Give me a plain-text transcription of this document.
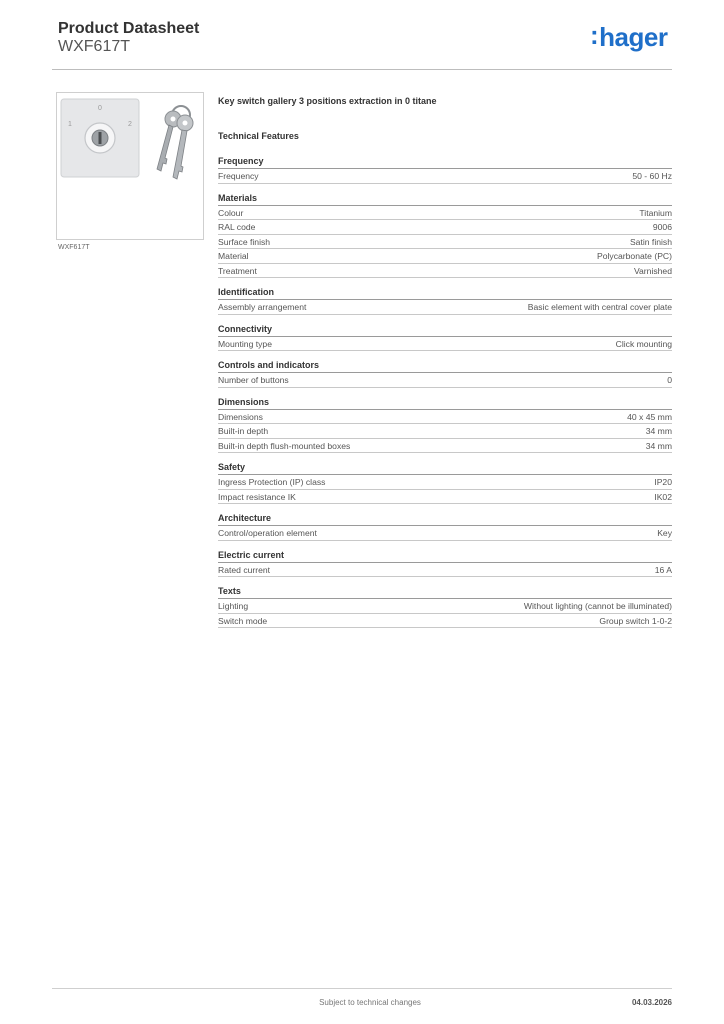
Product Datasheet
WXF617T	:hager
0
1	2
WXF617T
Key switch gallery 3 positions extraction in 0 titane
Technical Features
Frequency
Frequency	50 - 60 Hz
Materials
Colour	Titanium
RAL code	9006
Surface finish	Satin finish
Material	Polycarbonate (PC)
Treatment	Varnished
Identification
Assembly arrangement	Basic element with central cover plate
Connectivity
Mounting type	Click mounting
Controls and indicators
Number of buttons	0
Dimensions
Dimensions	40 x 45 mm
Built-in depth	34 mm
Built-in depth flush-mounted boxes	34 mm
Safety
Ingress Protection (IP) class	IP20
Impact resistance IK	IK02
Architecture
Control/operation element	Key
Electric current
Rated current	16 A
Texts
Lighting	Without lighting (cannot be illuminated)
Switch mode	Group switch 1-0-2
Subject to technical changes	04.03.2026
